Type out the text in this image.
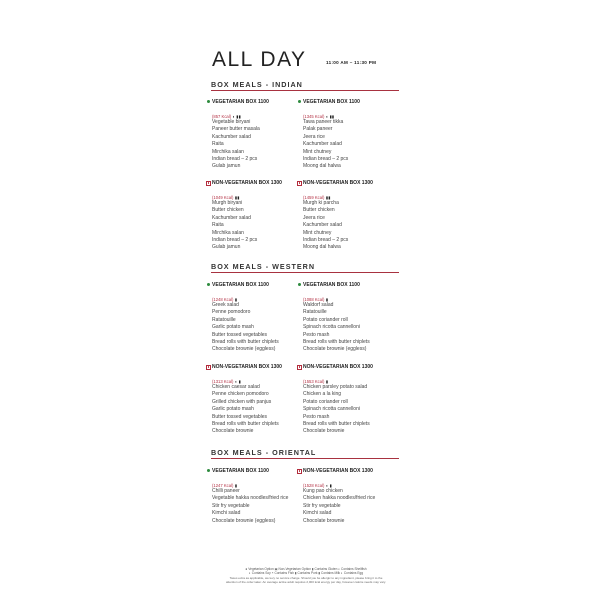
ALL DAY	11:00 AM – 11:30 PM
BOX MEALS - INDIAN
VEGETARIAN BOX 1100
(857 Kcal) ◐ ▮▮
Vegetable biryani
Paneer butter masala
Kachumber salad
Raita
Mirchika salan
Indian bread – 2 pcs
Gulab jamun
VEGETARIAN BOX 1100
(1345 Kcal) ◐ ▮▮
Tawa paneer tikka
Palak paneer
Jeera rice
Kachumber salad
Mint chutney
Indian bread – 2 pcs
Moong dal halwa
NON-VEGETARIAN BOX 1300
(1049 Kcal) ▮▮
Murgh biryani
Butter chicken
Kachumber salad
Raita
Mirchika salan
Indian bread – 2 pcs
Gulab jamun
NON-VEGETARIAN BOX 1300
(1459 Kcal) ▮▮
Murgh ki parcha
Butter chicken
Jeera rice
Kachumber salad
Mint chutney
Indian bread – 2 pcs
Moong dal halwa
BOX MEALS - WESTERN
VEGETARIAN BOX 1100
(1248 Kcal) ▮
Greek salad
Penne pomodoro
Ratatouille
Garlic potato mash
Butter tossed vegetables
Bread rolls with butter chiplets
Chocolate brownie (eggless)
VEGETARIAN BOX 1100
(1088 Kcal) ▮
Waldorf salad
Ratatouille
Potato coriander roll
Spinach ricotta cannelloni
Pesto mash
Bread rolls with butter chiplets
Chocolate brownie (eggless)
NON-VEGETARIAN BOX 1300
(1313 Kcal) ◐ ▮
Chicken caesar salad
Penne chicken pomodoro
Grilled chicken with panjus
Garlic potato mash
Butter tossed vegetables
Bread rolls with butter chiplets
Chocolate brownie
NON-VEGETARIAN BOX 1300
(1553 Kcal) ▮
Chicken parsley potato salad
Chicken a la king
Potato coriander roll
Spinach ricotta cannelloni
Pesto mash
Bread rolls with butter chiplets
Chocolate brownie
BOX MEALS - ORIENTAL
VEGETARIAN BOX 1100
(1247 Kcal) ▮
Chilli paneer
Vegetable hakka noodles/fried rice
Stir fry vegetable
Kimchi salad
Chocolate brownie (eggless)
NON-VEGETARIAN BOX 1300
(1528 Kcal) ◐ ▮
Kung pao chicken
Chicken hakka noodles/fried rice
Stir fry vegetable
Kimchi salad
Chocolate brownie
● Vegetarian Option ▣ Non-Vegetarian Option ▮ Contains Gluten ◐ Contains Shellfish
◐ Contains Soy ◓ Contains Fish ▮ Contains Pork ▮ Contains Milk ◐ Contains Egg
Taxes extra as applicable, we levy no service charge. Should you be allergic to any ingredient, please bring it to the
attention of the order taker. An average active adult requires 2,000 kcal energy per day, however calorie needs may vary.
